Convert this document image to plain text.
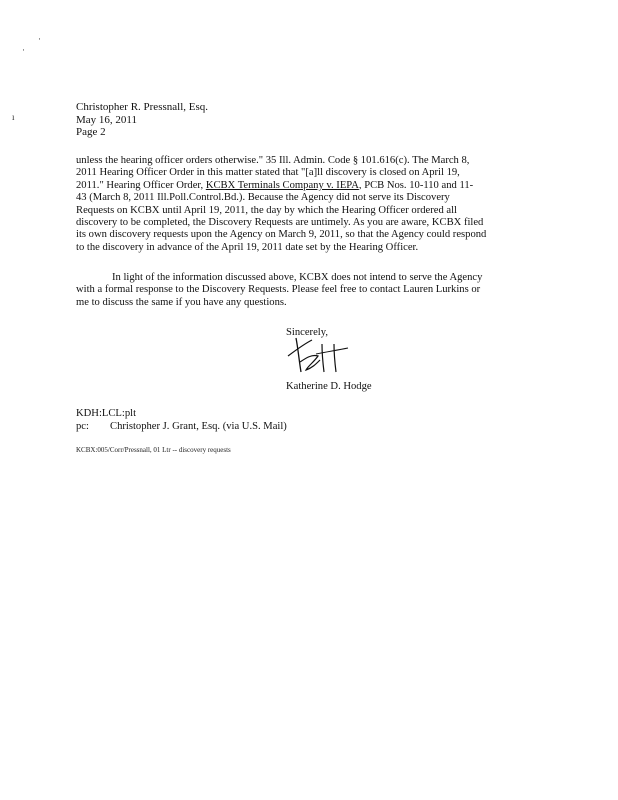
·
·
ı
Christopher R. Pressnall, Esq.
May 16, 2011
Page 2
unless the hearing officer orders otherwise." 35 Ill. Admin. Code § 101.616(c). The March 8,
2011 Hearing Officer Order in this matter stated that "[a]ll discovery is closed on April 19,
2011." Hearing Officer Order, KCBX Terminals Company v. IEPA, PCB Nos. 10-110 and 11-
43 (March 8, 2011 Ill.Poll.Control.Bd.). Because the Agency did not serve its Discovery
Requests on KCBX until April 19, 2011, the day by which the Hearing Officer ordered all
discovery to be completed, the Discovery Requests are untimely. As you are aware, KCBX filed
its own discovery requests upon the Agency on March 9, 2011, so that the Agency could respond
to the discovery in advance of the April 19, 2011 date set by the Hearing Officer.
In light of the information discussed above, KCBX does not intend to serve the Agency
with a formal response to the Discovery Requests. Please feel free to contact Lauren Lurkins or
me to discuss the same if you have any questions.
Sincerely,
Katherine D. Hodge
KDH:LCL:plt
pc: Christopher J. Grant, Esq. (via U.S. Mail)
KCBX:005/Corr/Pressnall, 01 Ltr -- discovery requests
